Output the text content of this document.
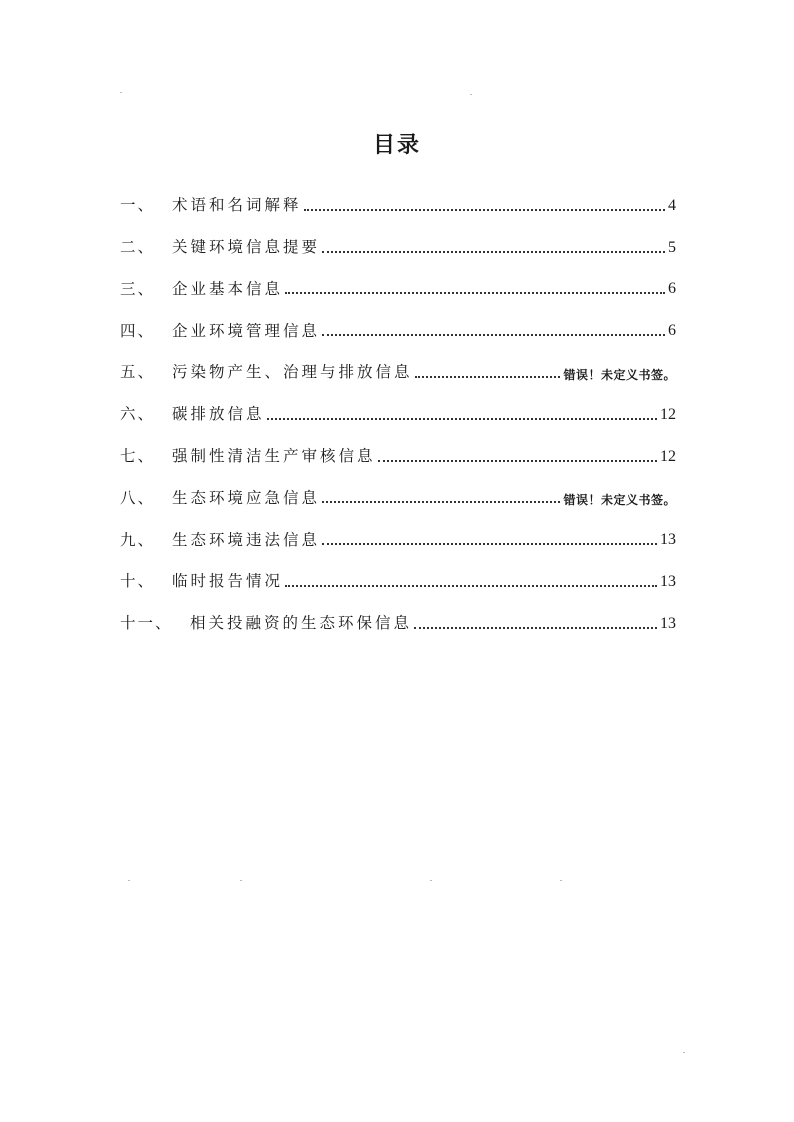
目录
一、	术语和名词解释	4
二、	关键环境信息提要	5
三、	企业基本信息	6
四、	企业环境管理信息	6
五、	污染物产生、治理与排放信息	错误！未定义书签。
六、	碳排放信息	12
七、	强制性清洁生产审核信息	12
八、	生态环境应急信息	错误！未定义书签。
九、	生态环境违法信息	13
十、	临时报告情况	13
十一、	相关投融资的生态环保信息	13
